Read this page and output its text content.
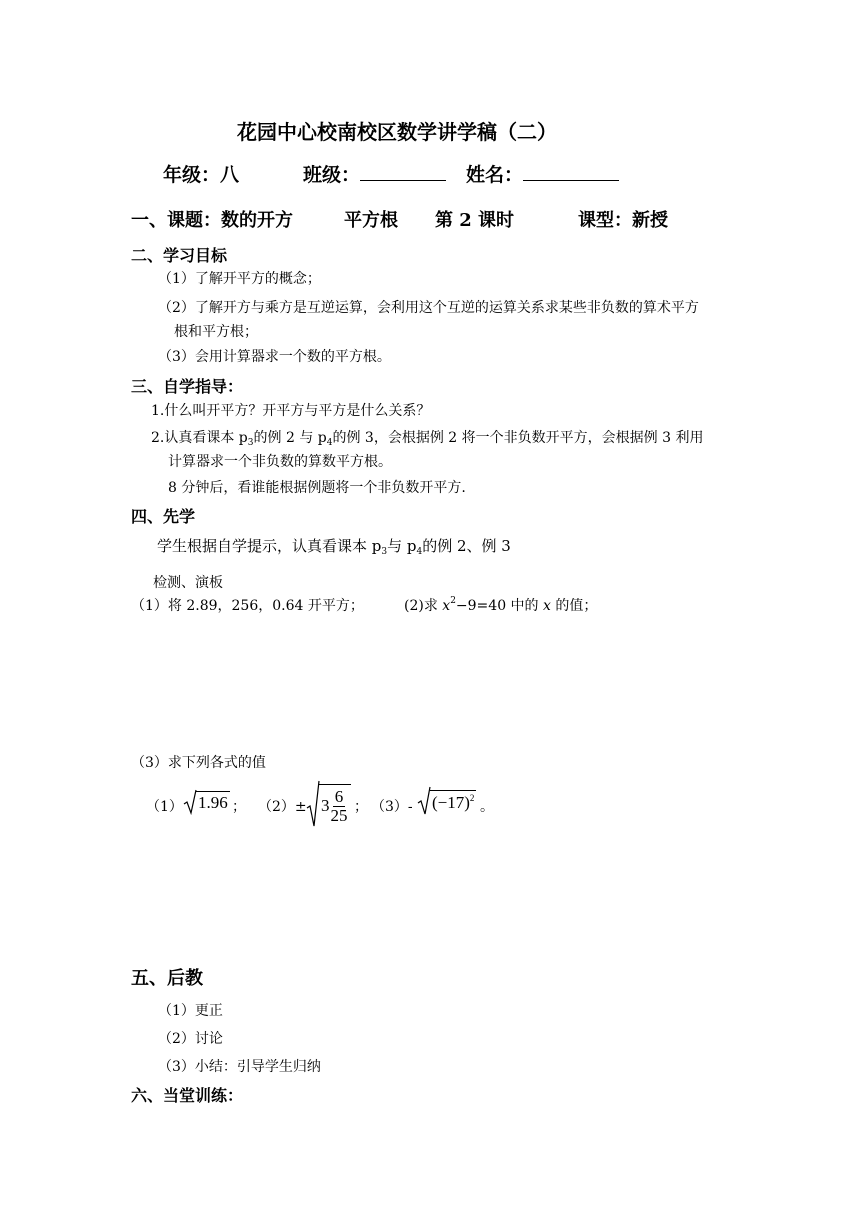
花园中心校南校区数学讲学稿（二）
年级：八	班级：	姓名：
一、课题：数的开方	平方根 第 2 课时	课型：新授
二、学习目标
（1）了解开平方的概念；
（2）了解开方与乘方是互逆运算，会利用这个互逆的运算关系求某些非负数的算术平方
根和平方根；
（3）会用计算器求一个数的平方根。
三、自学指导：
1.什么叫开平方？开平方与平方是什么关系？
2.认真看课本 $p_3$的例 2 与 $p_4$的例 3，会根据例 2 将一个非负数开平方，会根据例 3 利用
计算器求一个非负数的算数平方根。
8 分钟后，看谁能根据例题将一个非负数开平方.
四、先学
学生根据自学提示，认真看课本 $p_3$与 $p_4$的例 2、例 3
检测、演板
（1）将 2.89，256，0.64 开平方；	(2)求 $x^2-9=40$ 中的 x 的值；
（3）求下列各式的值
（1） 1.96 ； $(2)\pm 3 \frac{6}{25}$ ； （3）-	$(-17)^2$
。
五、后教
（1）更正
（2）讨论
（3）小结：引导学生归纳
六、当堂训练：
